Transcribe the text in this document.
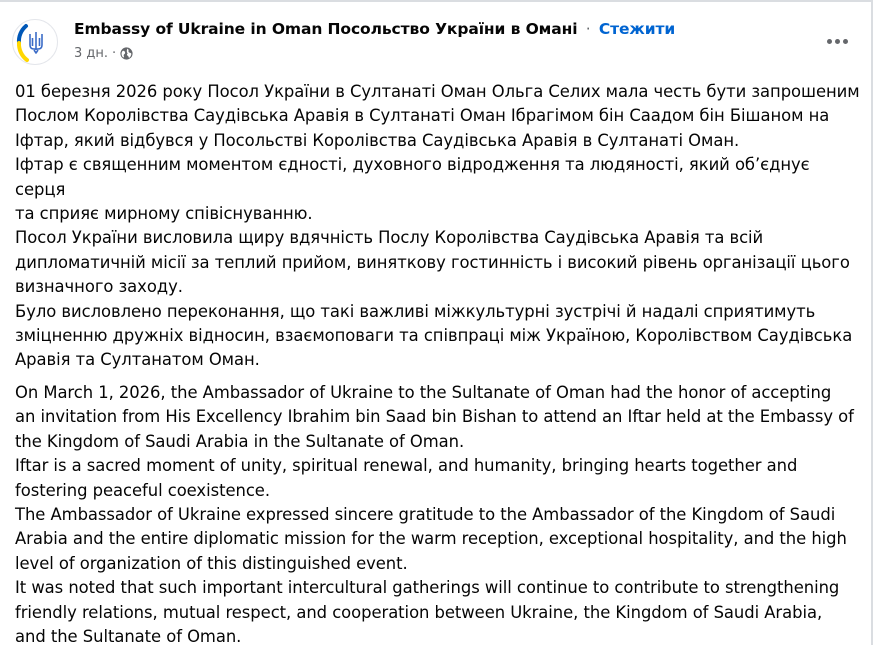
Embassy of Ukraine in Oman Посольство України в Омані · Стежити
3 дн. ·

01 березня 2026 року Посол України в Султанаті Оман Ольга Селих мала честь бути запрошеним

Послом Королівства Саудівська Аравія в Султанаті Оман Ібрагімом бін Саадом бін Бішаном на

Іфтар, який відбувся у Посольстві Королівства Саудівська Аравія в Султанаті Оман.

Іфтар є священним моментом єдності, духовного відродження та людяності, який об’єднує серця

та сприяє мирному співіснуванню.

Посол України висловила щиру вдячність Послу Королівства Саудівська Аравія та всій

дипломатичній місії за теплий прийом, виняткову гостинність і високий рівень організації цього

визначного заходу.

Було висловлено переконання, що такі важливі міжкультурні зустрічі й надалі сприятимуть

зміцненню дружніх відносин, взаємоповаги та співпраці між Україною, Королівством Саудівська

Аравія та Султанатом Оман.

On March 1, 2026, the Ambassador of Ukraine to the Sultanate of Oman had the honor of accepting

an invitation from His Excellency Ibrahim bin Saad bin Bishan to attend an Iftar held at the Embassy of

the Kingdom of Saudi Arabia in the Sultanate of Oman.

Iftar is a sacred moment of unity, spiritual renewal, and humanity, bringing hearts together and

fostering peaceful coexistence.

The Ambassador of Ukraine expressed sincere gratitude to the Ambassador of the Kingdom of Saudi

Arabia and the entire diplomatic mission for the warm reception, exceptional hospitality, and the high

level of organization of this distinguished event.

It was noted that such important intercultural gatherings will continue to contribute to strengthening

friendly relations, mutual respect, and cooperation between Ukraine, the Kingdom of Saudi Arabia,

and the Sultanate of Oman.
